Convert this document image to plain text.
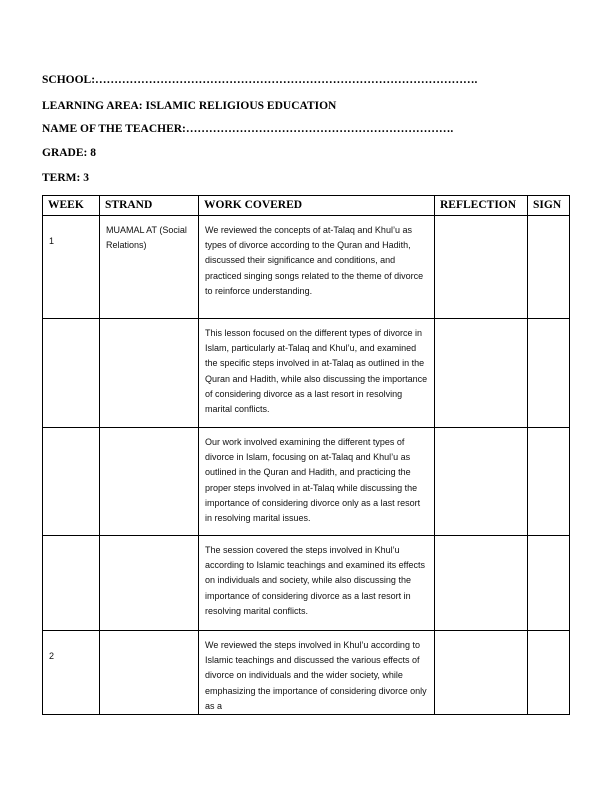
SCHOOL:……………………………………………………………………………………….
LEARNING AREA: ISLAMIC RELIGIOUS EDUCATION
NAME OF THE TEACHER:…………………………………………………………….
GRADE: 8
TERM: 3
WEEK	STRAND	WORK COVERED	REFLECTION	SIGN
1	MUAMAL AT (Social Relations)	We reviewed the concepts of at-Talaq and Khul’u as types of divorce according to the Quran and Hadith, discussed their significance and conditions, and practiced singing songs related to the theme of divorce to reinforce understanding.		
		This lesson focused on the different types of divorce in Islam, particularly at-Talaq and Khul’u, and examined the specific steps involved in at-Talaq as outlined in the Quran and Hadith, while also discussing the importance of considering divorce as a last resort in resolving marital conflicts.		
		Our work involved examining the different types of divorce in Islam, focusing on at-Talaq and Khul’u as outlined in the Quran and Hadith, and practicing the proper steps involved in at-Talaq while discussing the importance of considering divorce only as a last resort in resolving marital issues.		
		The session covered the steps involved in Khul’u according to Islamic teachings and examined its effects on individuals and society, while also discussing the importance of considering divorce as a last resort in resolving marital conflicts.		
2		We reviewed the steps involved in Khul’u according to Islamic teachings and discussed the various effects of divorce on individuals and the wider society, while emphasizing the importance of considering divorce only as a		
